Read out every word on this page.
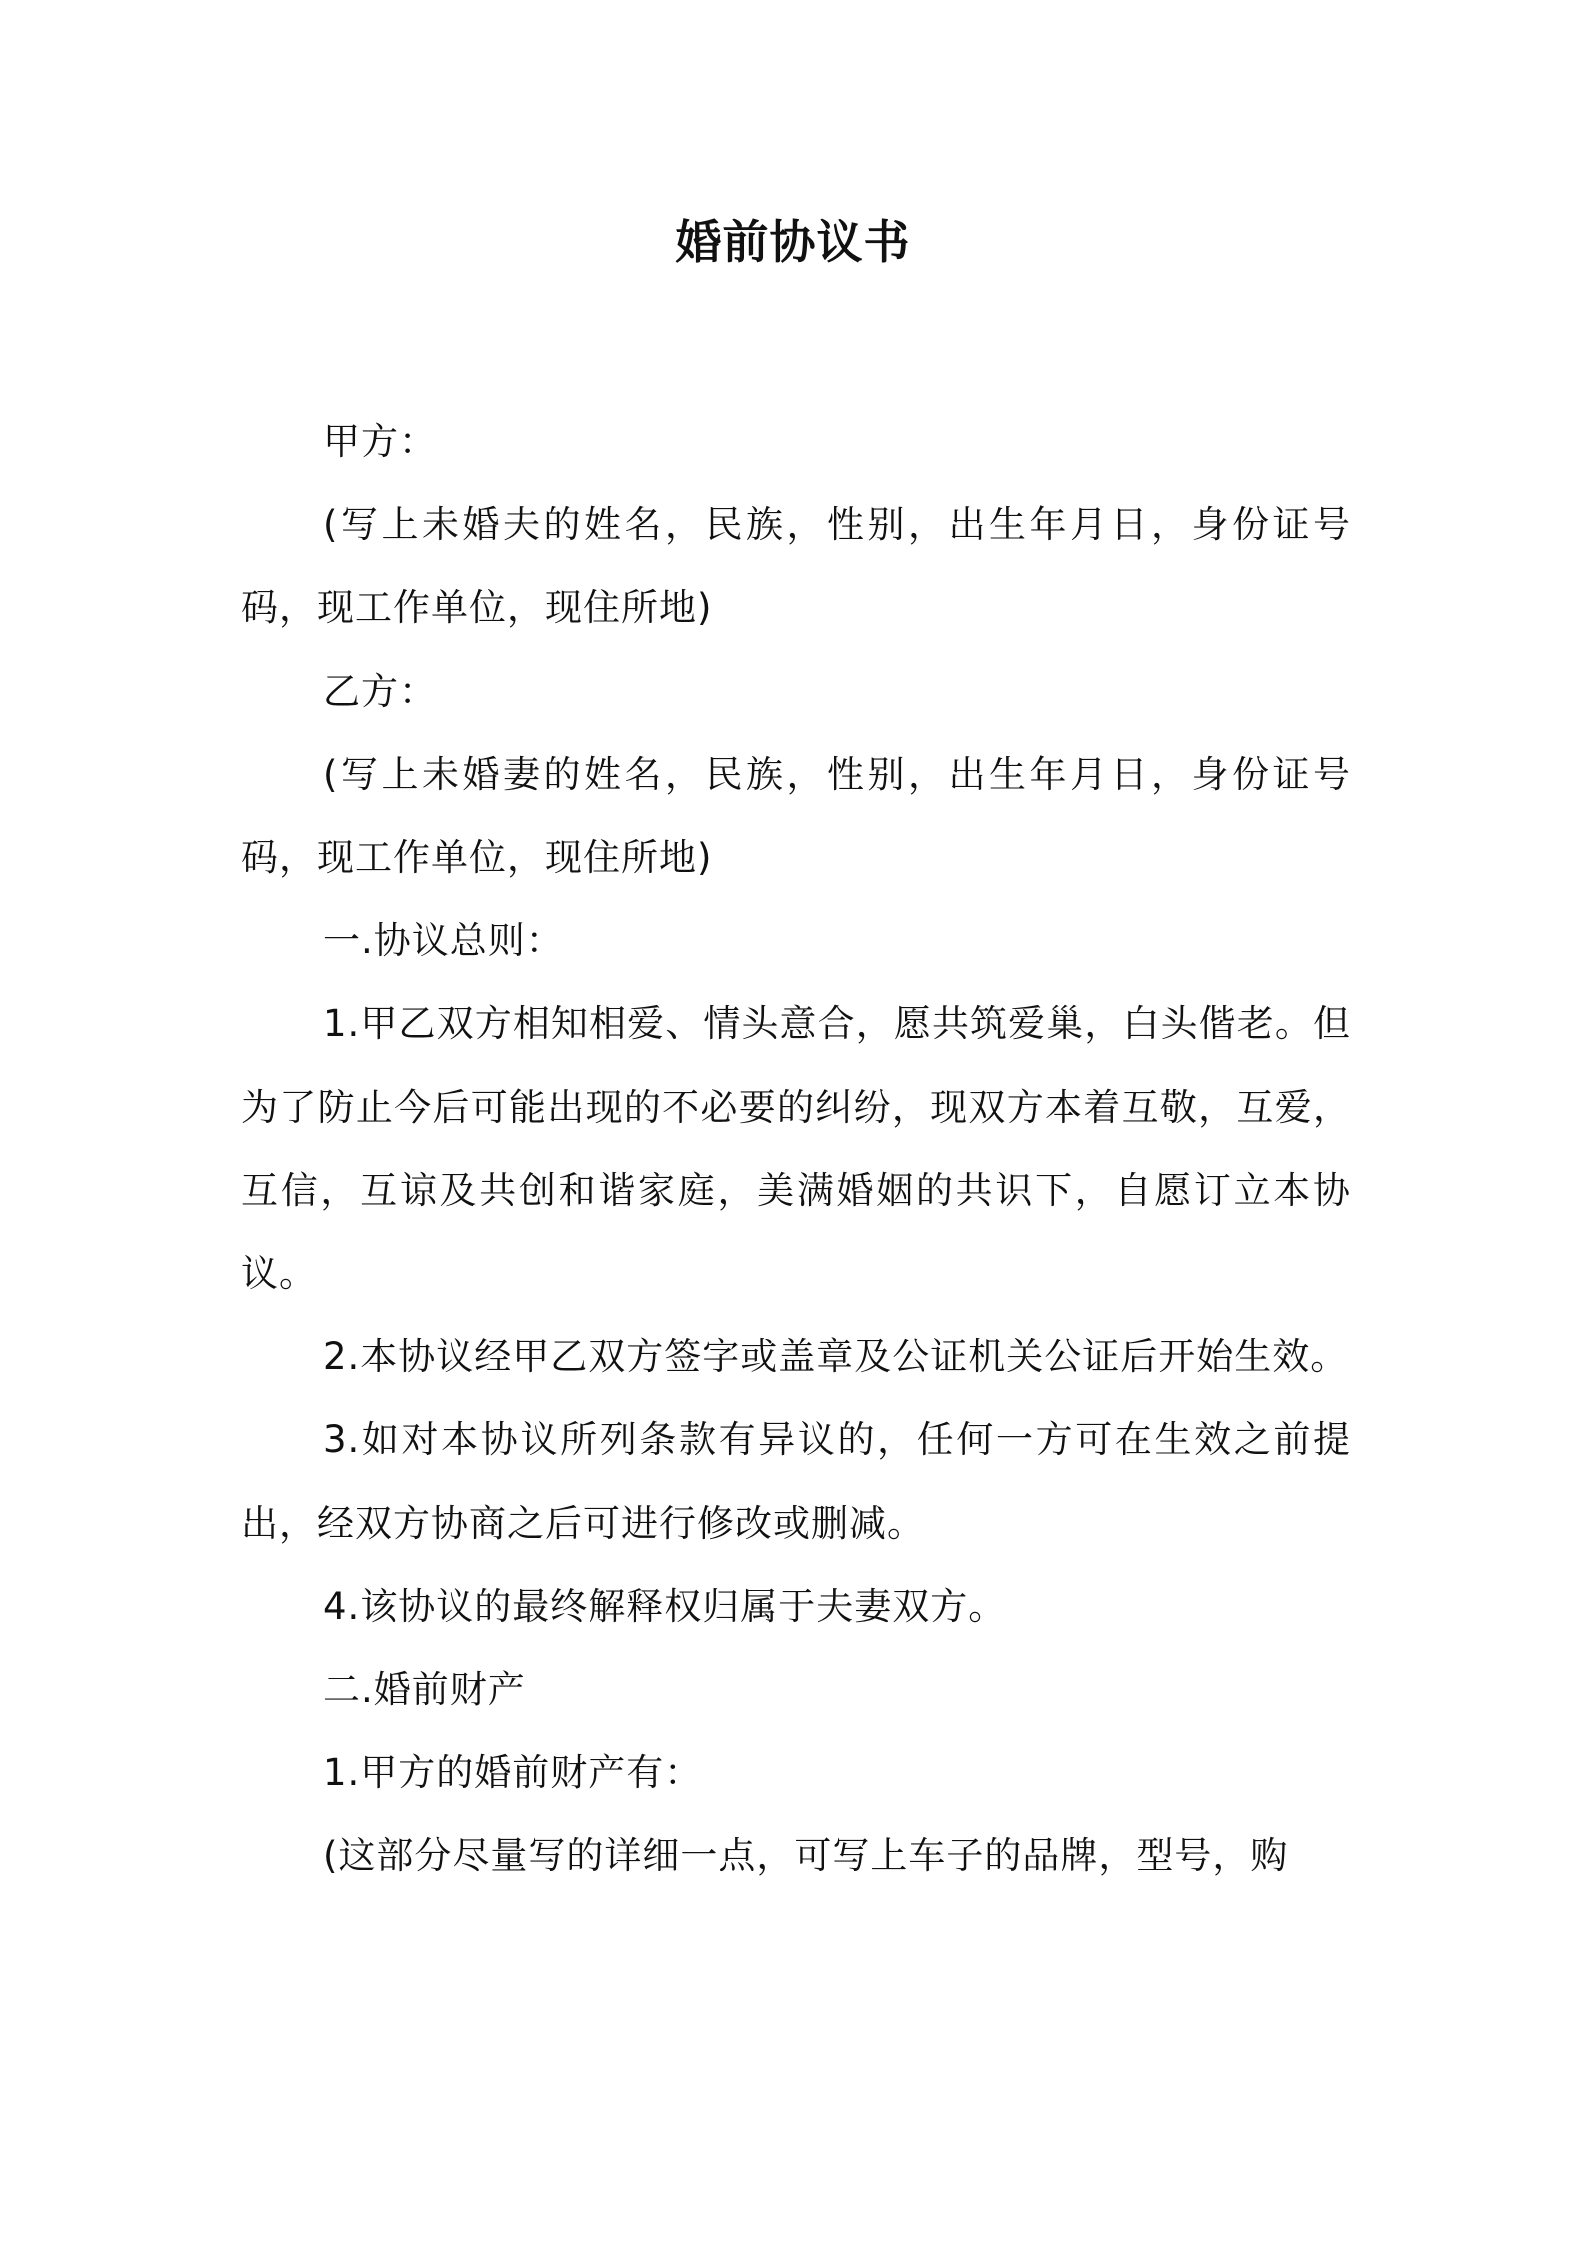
婚前协议书

甲方：

(写上未婚夫的姓名，民族，性别，出生年月日，身份证号码，现工作单位，现住所地)

乙方：

(写上未婚妻的姓名，民族，性别，出生年月日，身份证号码，现工作单位，现住所地)

一.协议总则：

1.甲乙双方相知相爱、情头意合，愿共筑爱巢，白头偕老。但为了防止今后可能出现的不必要的纠纷，现双方本着互敬，互爱，互信，互谅及共创和谐家庭，美满婚姻的共识下，自愿订立本协议。

2.本协议经甲乙双方签字或盖章及公证机关公证后开始生效。

3.如对本协议所列条款有异议的，任何一方可在生效之前提出，经双方协商之后可进行修改或删减。

4.该协议的最终解释权归属于夫妻双方。

二.婚前财产

1.甲方的婚前财产有：

(这部分尽量写的详细一点，可写上车子的品牌，型号，购
